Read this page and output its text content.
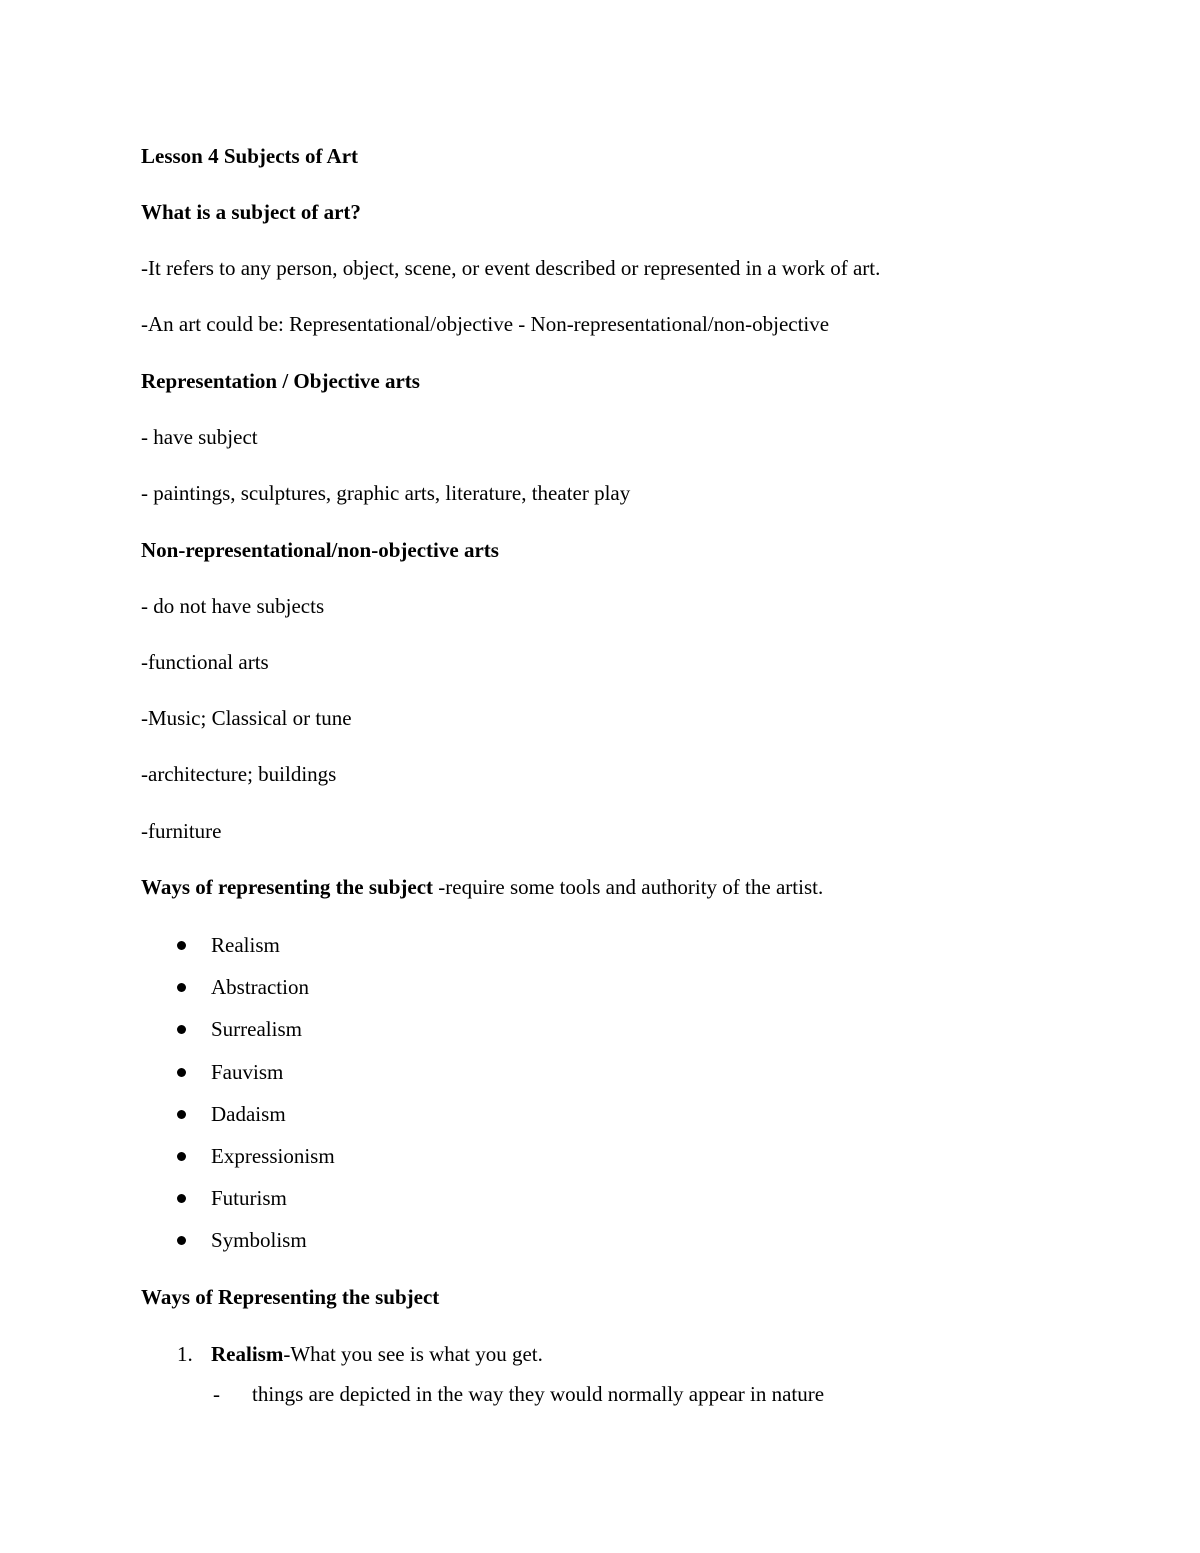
Lesson 4 Subjects of Art
What is a subject of art?
-It refers to any person, object, scene, or event described or represented in a work of art.
-An art could be: Representational/objective - Non-representational/non-objective
Representation / Objective arts
- have subject
- paintings, sculptures, graphic arts, literature, theater play
Non-representational/non-objective arts
- do not have subjects
-functional arts
-Music; Classical or tune
-architecture; buildings
-furniture
Ways of representing the subject -require some tools and authority of the artist.
Realism
Abstraction
Surrealism
Fauvism
Dadaism
Expressionism
Futurism
Symbolism
Ways of Representing the subject
1. Realism-What you see is what you get.
- things are depicted in the way they would normally appear in nature
